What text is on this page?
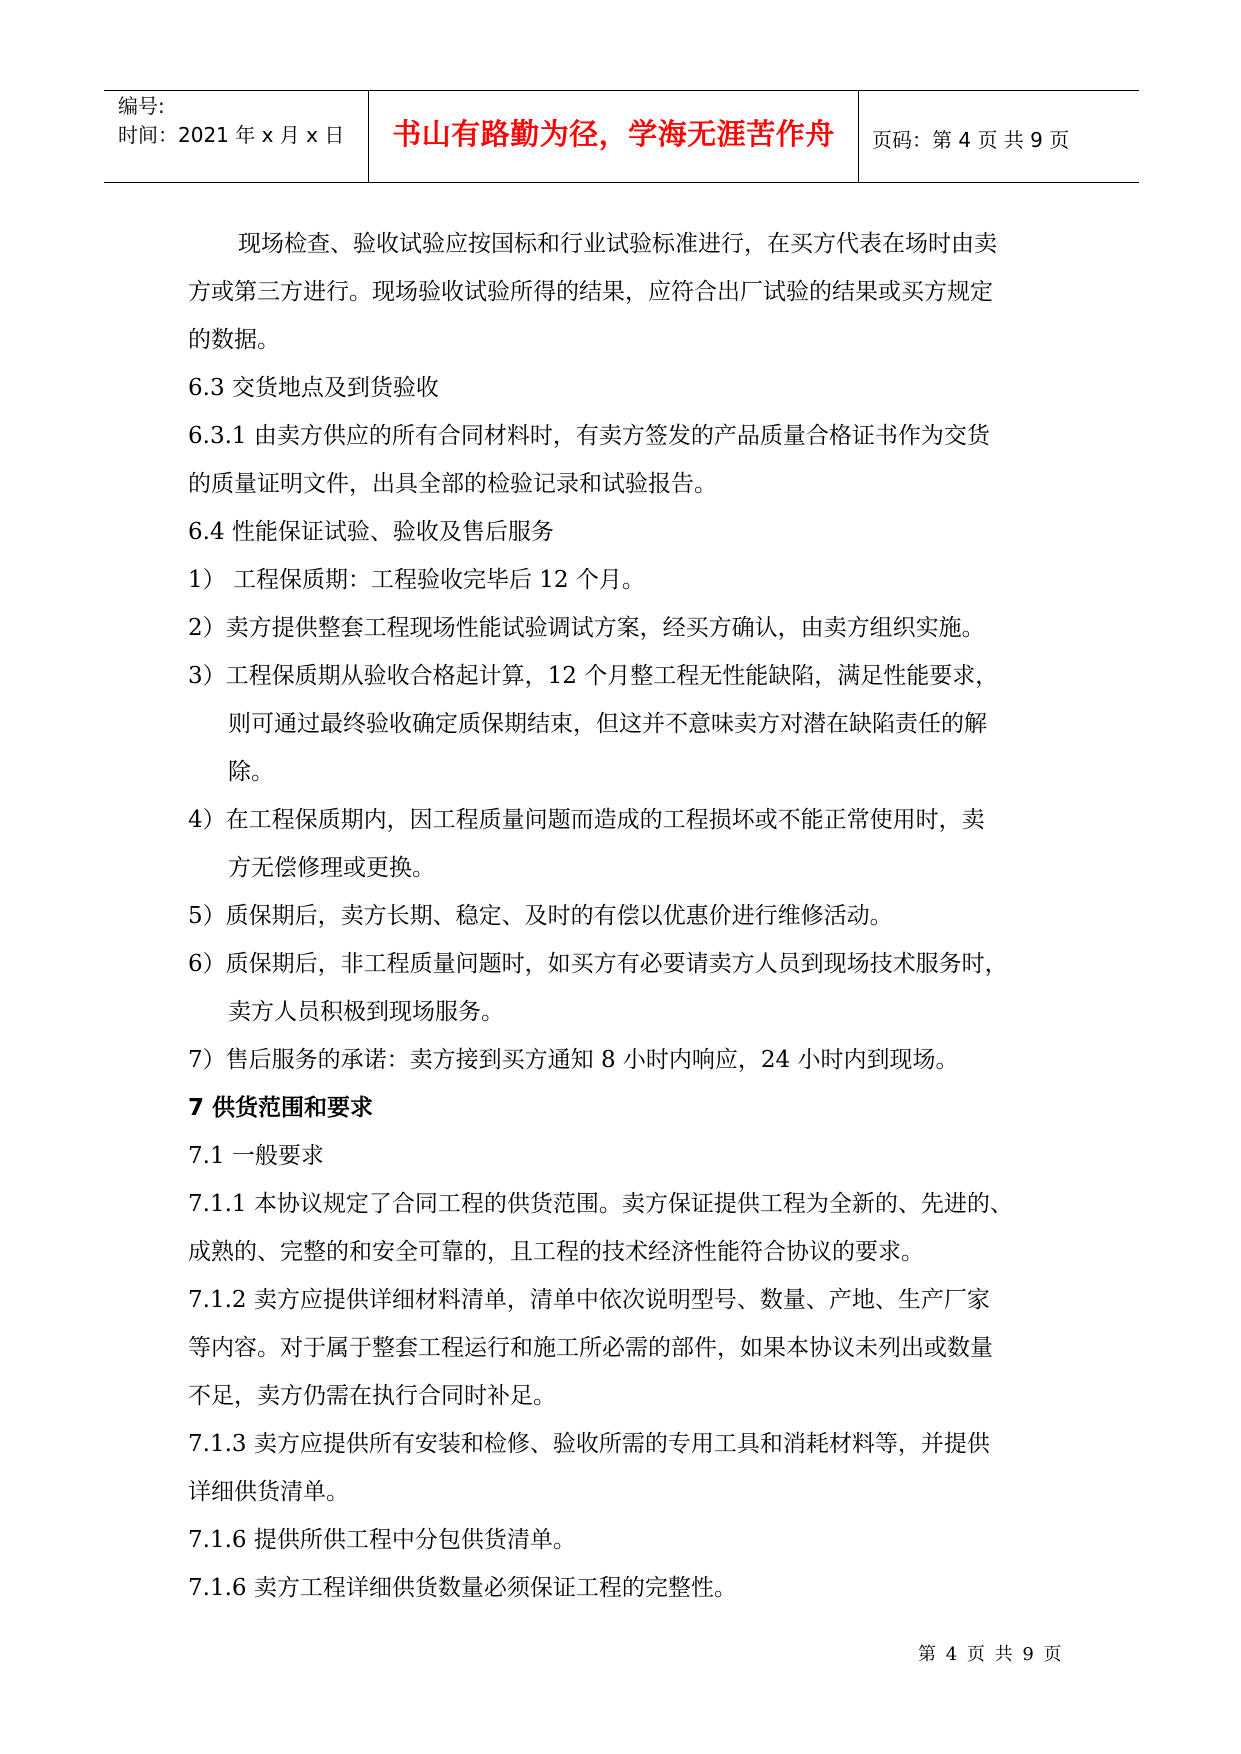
编号:
时间：2021 年 x 月 x 日	书山有路勤为径，学海无涯苦作舟	页码：第 4 页 共 9 页

现场检查、验收试验应按国标和行业试验标准进行，在买方代表在场时由卖

方或第三方进行。现场验收试验所得的结果，应符合出厂试验的结果或买方规定

的数据。

6.3 交货地点及到货验收

6.3.1 由卖方供应的所有合同材料时，有卖方签发的产品质量合格证书作为交货

的质量证明文件，出具全部的检验记录和试验报告。

6.4 性能保证试验、验收及售后服务

1） 工程保质期：工程验收完毕后 12 个月。

2）卖方提供整套工程现场性能试验调试方案，经买方确认，由卖方组织实施。

3）工程保质期从验收合格起计算，12 个月整工程无性能缺陷，满足性能要求，

则可通过最终验收确定质保期结束，但这并不意味卖方对潜在缺陷责任的解

除。

4）在工程保质期内，因工程质量问题而造成的工程损坏或不能正常使用时，卖

方无偿修理或更换。

5）质保期后，卖方长期、稳定、及时的有偿以优惠价进行维修活动。

6）质保期后，非工程质量问题时，如买方有必要请卖方人员到现场技术服务时，

卖方人员积极到现场服务。

7）售后服务的承诺：卖方接到买方通知 8 小时内响应，24 小时内到现场。

7 供货范围和要求

7.1 一般要求

7.1.1 本协议规定了合同工程的供货范围。卖方保证提供工程为全新的、先进的、

成熟的、完整的和安全可靠的，且工程的技术经济性能符合协议的要求。

7.1.2 卖方应提供详细材料清单，清单中依次说明型号、数量、产地、生产厂家

等内容。对于属于整套工程运行和施工所必需的部件，如果本协议未列出或数量

不足，卖方仍需在执行合同时补足。

7.1.3 卖方应提供所有安装和检修、验收所需的专用工具和消耗材料等，并提供

详细供货清单。

7.1.6 提供所供工程中分包供货清单。

7.1.6 卖方工程详细供货数量必须保证工程的完整性。

第 4 页 共 9 页
